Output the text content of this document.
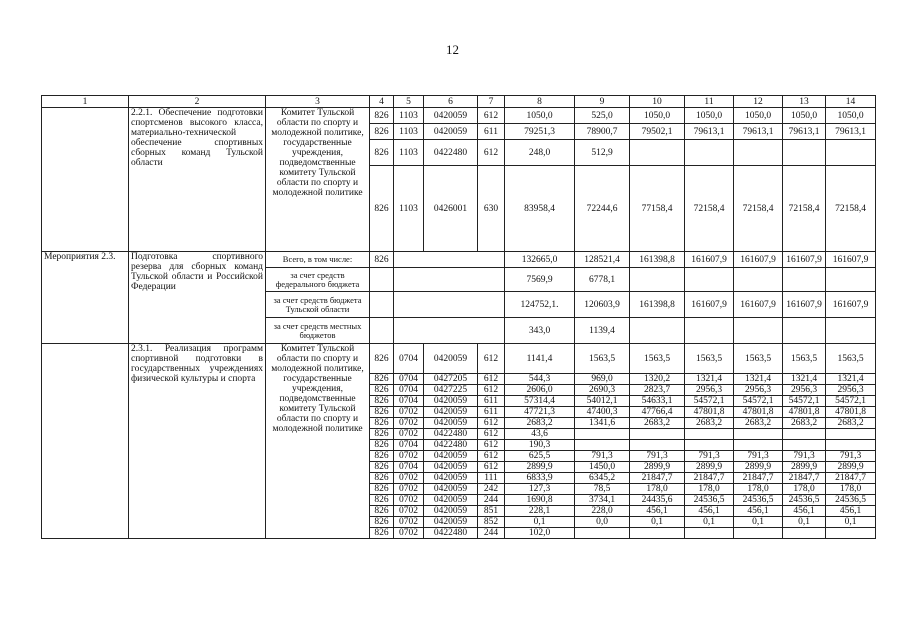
12
1	2	3	4	5	6	7	8	9	10	11	12	13	14
	2.2.1. Обеспечение подготовки спортсменов высокого класса, материально-технической обеспечение спортивных сборных команд Тульской области	Комитет Тульской области по спорту и молодежной политике, государственные учреждения, подведомственные комитету Тульской области по спорту и молодежной политике	826	1103	0420059	612	1050,0	525,0	1050,0	1050,0	1050,0	1050,0	1050,0
			826	1103	0420059	611	79251,3	78900,7	79502,1	79613,1	79613,1	79613,1	79613,1
			826	1103	0422480	612	248,0	512,9					
			826	1103	0426001	630	83958,4	72244,6	77158,4	72158,4	72158,4	72158,4	72158,4
Мероприятия 2.3.	Подготовка спортивного резерва для сборных команд Тульской области и Российской Федерации	Всего, в том числе:	826				132665,0	128521,4	161398,8	161607,9	161607,9	161607,9	161607,9
		за счет средств федерального бюджета					7569,9	6778,1					
		за счет средств бюджета Тульской области					124752,1.	120603,9	161398,8	161607,9	161607,9	161607,9	161607,9
		за счет средств местных бюджетов					343,0	1139,4					
	2.3.1. Реализация программ спортивной подготовки в государственных учреждениях физической культуры и спорта	Комитет Тульской области по спорту и молодежной политике, государственные учреждения, подведомственные комитету Тульской области по спорту и молодежной политике	826	0704	0420059	612	1141,4	1563,5	1563,5	1563,5	1563,5	1563,5	1563,5
			826	0704	0427205	612	544,3	969,0	1320,2	1321,4	1321,4	1321,4	1321,4
			826	0704	0427225	612	2606,0	2690,3	2823,7	2956,3	2956,3	2956,3	2956,3
			826	0704	0420059	611	57314,4	54012,1	54633,1	54572,1	54572,1	54572,1	54572,1
			826	0702	0420059	611	47721,3	47400,3	47766,4	47801,8	47801,8	47801,8	47801,8
			826	0702	0420059	612	2683,2	1341,6	2683,2	2683,2	2683,2	2683,2	2683,2
			826	0702	0422480	612	43,6						
			826	0704	0422480	612	190,3						
			826	0702	0420059	612	625,5	791,3	791,3	791,3	791,3	791,3	791,3
			826	0704	0420059	612	2899,9	1450,0	2899,9	2899,9	2899,9	2899,9	2899,9
			826	0702	0420059	111	6833,9	6345,2	21847,7	21847,7	21847,7	21847,7	21847,7
			826	0702	0420059	242	127,3	78,5	178,0	178,0	178,0	178,0	178,0
			826	0702	0420059	244	1690,8	3734,1	24435,6	24536,5	24536,5	24536,5	24536,5
			826	0702	0420059	851	228,1	228,0	456,1	456,1	456,1	456,1	456,1
			826	0702	0420059	852	0,1	0,0	0,1	0,1	0,1	0,1	0,1
			826	0702	0422480	244	102,0						
